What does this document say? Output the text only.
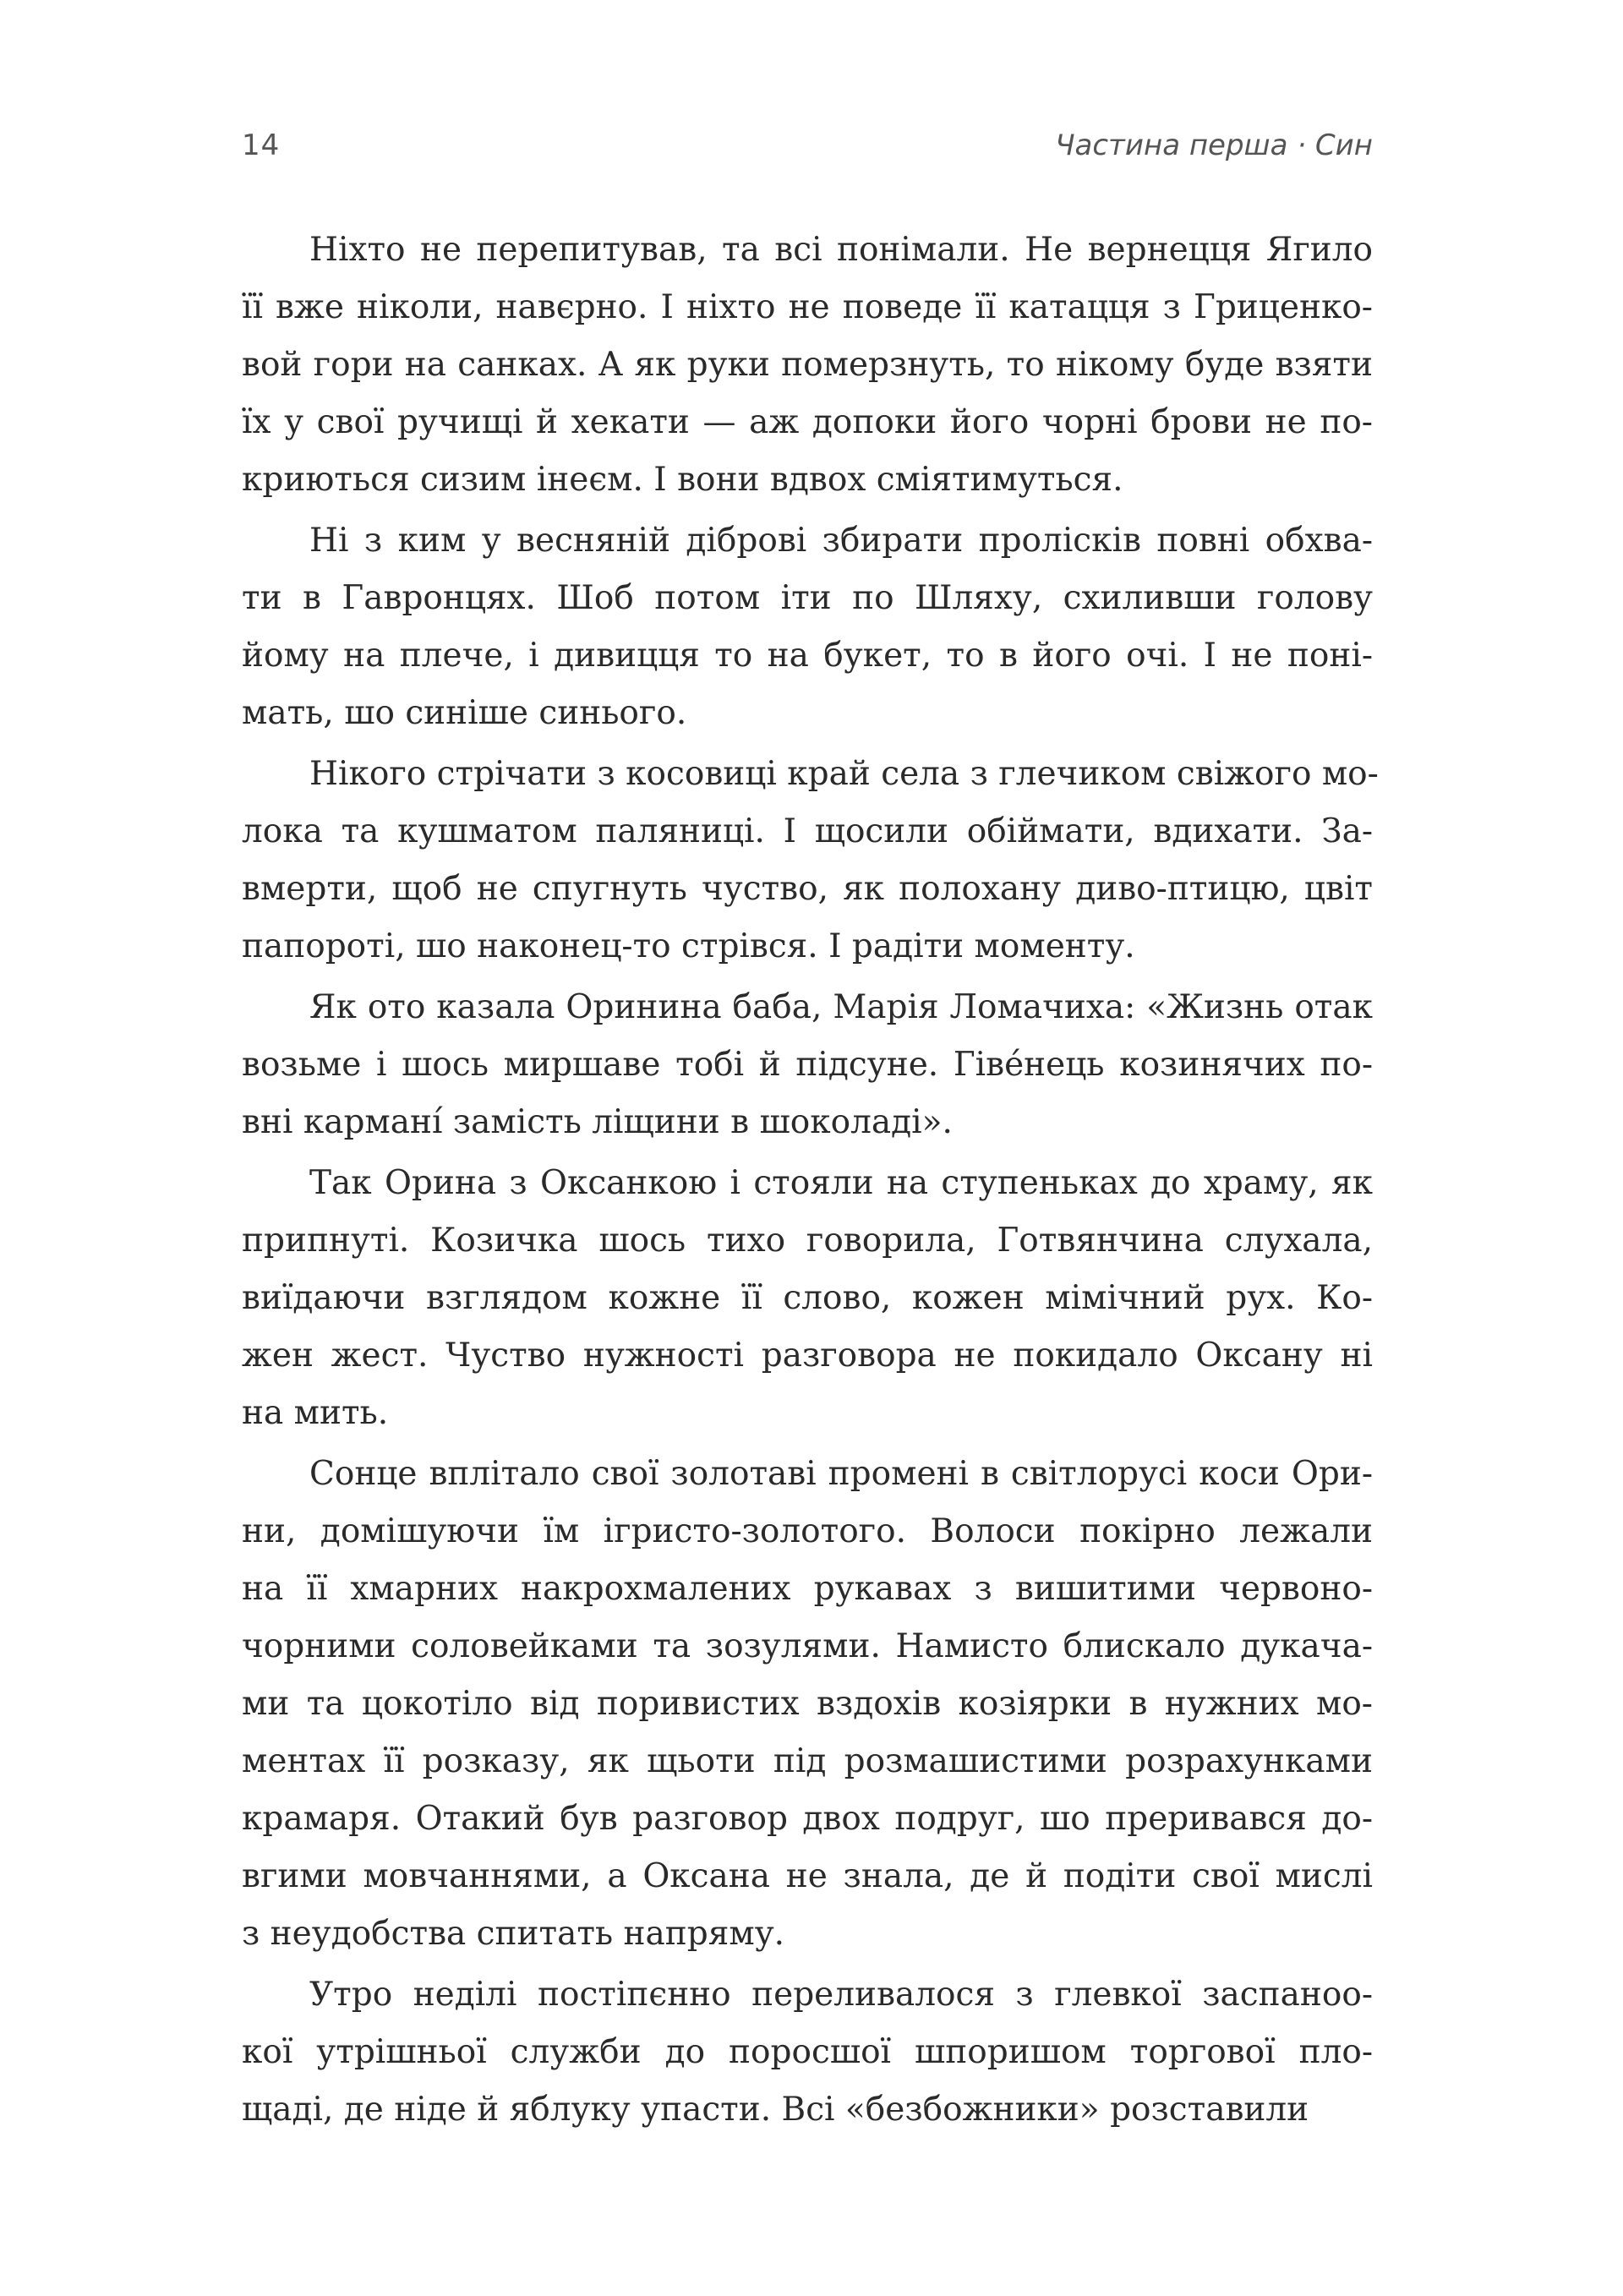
14	Частина перша · Син
Ніхто не перепитував, та всі понімали. Не вернецця Ягило
її вже ніколи, навєрно. І ніхто не поведе її катацця з Гриценко-
вой гори на санках. А як руки померзнуть, то нікому буде взяти
їх у свої ручищі й хекати — аж допоки його чорні брови не по-
криються сизим інеєм. І вони вдвох сміятимуться.
Ні з ким у весняній діброві збирати пролісків повні обхва-
ти в Гавронцях. Шоб потом іти по Шляху, схиливши голову
йому на плече, і дивицця то на букет, то в його очі. І не поні-
мать, шо синіше синього.
Нікого стрічати з косовиці край села з глечиком свіжого мо-
лока та кушматом паляниці. І щосили обіймати, вдихати. За-
вмерти, щоб не спугнуть чуство, як полохану диво-птицю, цвіт
папороті, шо наконец-то стрівся. І радіти моменту.
Як ото казала Оринина баба, Марія Ломачиха: «Жизнь отак
возьме і шось миршаве тобі й підсуне. Гівéнець козинячих по-
вні карманí замість ліщини в шоколаді».
Так Орина з Оксанкою і стояли на ступеньках до храму, як
припнуті. Козичка шось тихо говорила, Готвянчина слухала,
виїдаючи взглядом кожне її слово, кожен мімічний рух. Ко-
жен жест. Чуство нужності разговора не покидало Оксану ні
на мить.
Сонце вплітало свої золотаві промені в світлорусі коси Ори-
ни, домішуючи їм ігристо-золотого. Волоси покірно лежали
на її хмарних накрохмалених рукавах з вишитими червоно-
чорними соловейками та зозулями. Намисто блискало дукача-
ми та цокотіло від поривистих вздохів козіярки в нужних мо-
ментах її розказу, як щьоти під розмашистими розрахунками
крамаря. Отакий був разговор двох подруг, шо преривався до-
вгими мовчаннями, а Оксана не знала, де й подіти свої мислі
з неудобства спитать напряму.
Утро неділі постіпєнно переливалося з глевкої заспаноо-
кої утрішньої служби до поросшої шпоришом торгової пло-
щаді, де ніде й яблуку упасти. Всі «безбожники» розставили
